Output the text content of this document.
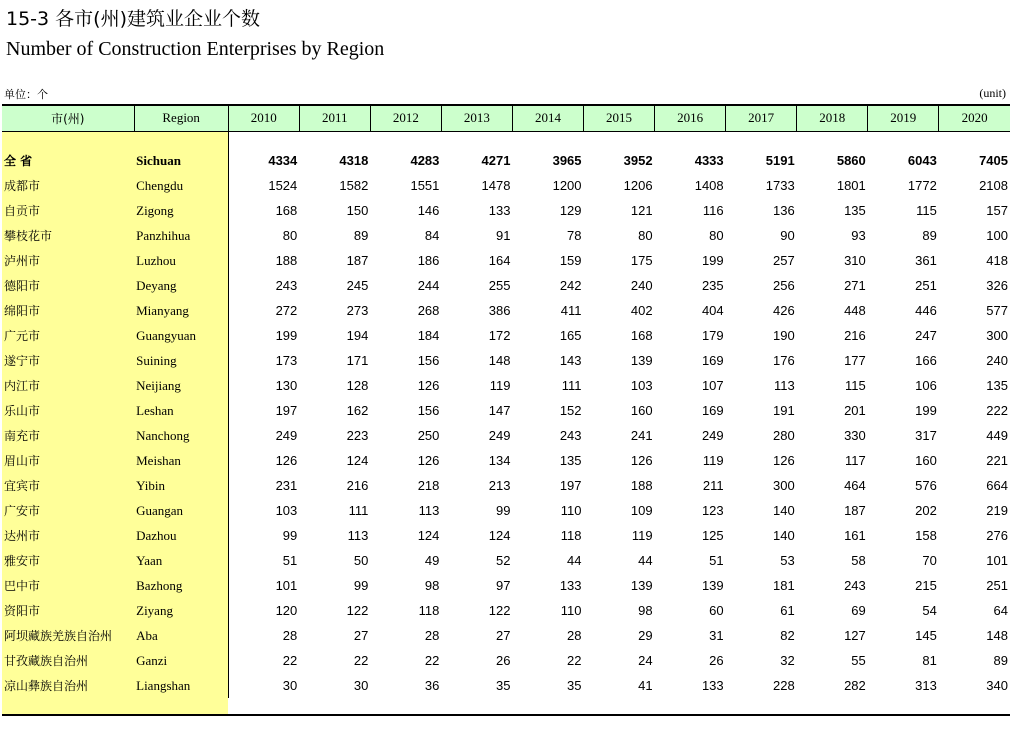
15-3 各市(州)建筑业企业个数
Number of Construction Enterprises by Region
单位：个	(unit)
市(州)	Region	2010	2011	2012	2013	2014	2015	2016	2017	2018	2019	2020

全 省	Sichuan	4334	4318	4283	4271	3965	3952	4333	5191	5860	6043	7405
成都市	Chengdu	1524	1582	1551	1478	1200	1206	1408	1733	1801	1772	2108
自贡市	Zigong	168	150	146	133	129	121	116	136	135	115	157
攀枝花市	Panzhihua	80	89	84	91	78	80	80	90	93	89	100
泸州市	Luzhou	188	187	186	164	159	175	199	257	310	361	418
德阳市	Deyang	243	245	244	255	242	240	235	256	271	251	326
绵阳市	Mianyang	272	273	268	386	411	402	404	426	448	446	577
广元市	Guangyuan	199	194	184	172	165	168	179	190	216	247	300
遂宁市	Suining	173	171	156	148	143	139	169	176	177	166	240
内江市	Neijiang	130	128	126	119	111	103	107	113	115	106	135
乐山市	Leshan	197	162	156	147	152	160	169	191	201	199	222
南充市	Nanchong	249	223	250	249	243	241	249	280	330	317	449
眉山市	Meishan	126	124	126	134	135	126	119	126	117	160	221
宜宾市	Yibin	231	216	218	213	197	188	211	300	464	576	664
广安市	Guangan	103	111	113	99	110	109	123	140	187	202	219
达州市	Dazhou	99	113	124	124	118	119	125	140	161	158	276
雅安市	Yaan	51	50	49	52	44	44	51	53	58	70	101
巴中市	Bazhong	101	99	98	97	133	139	139	181	243	215	251
资阳市	Ziyang	120	122	118	122	110	98	60	61	69	54	64
阿坝藏族羌族自治州	Aba	28	27	28	27	28	29	31	82	127	145	148
甘孜藏族自治州	Ganzi	22	22	22	26	22	24	26	32	55	81	89
凉山彝族自治州	Liangshan	30	30	36	35	35	41	133	228	282	313	340
